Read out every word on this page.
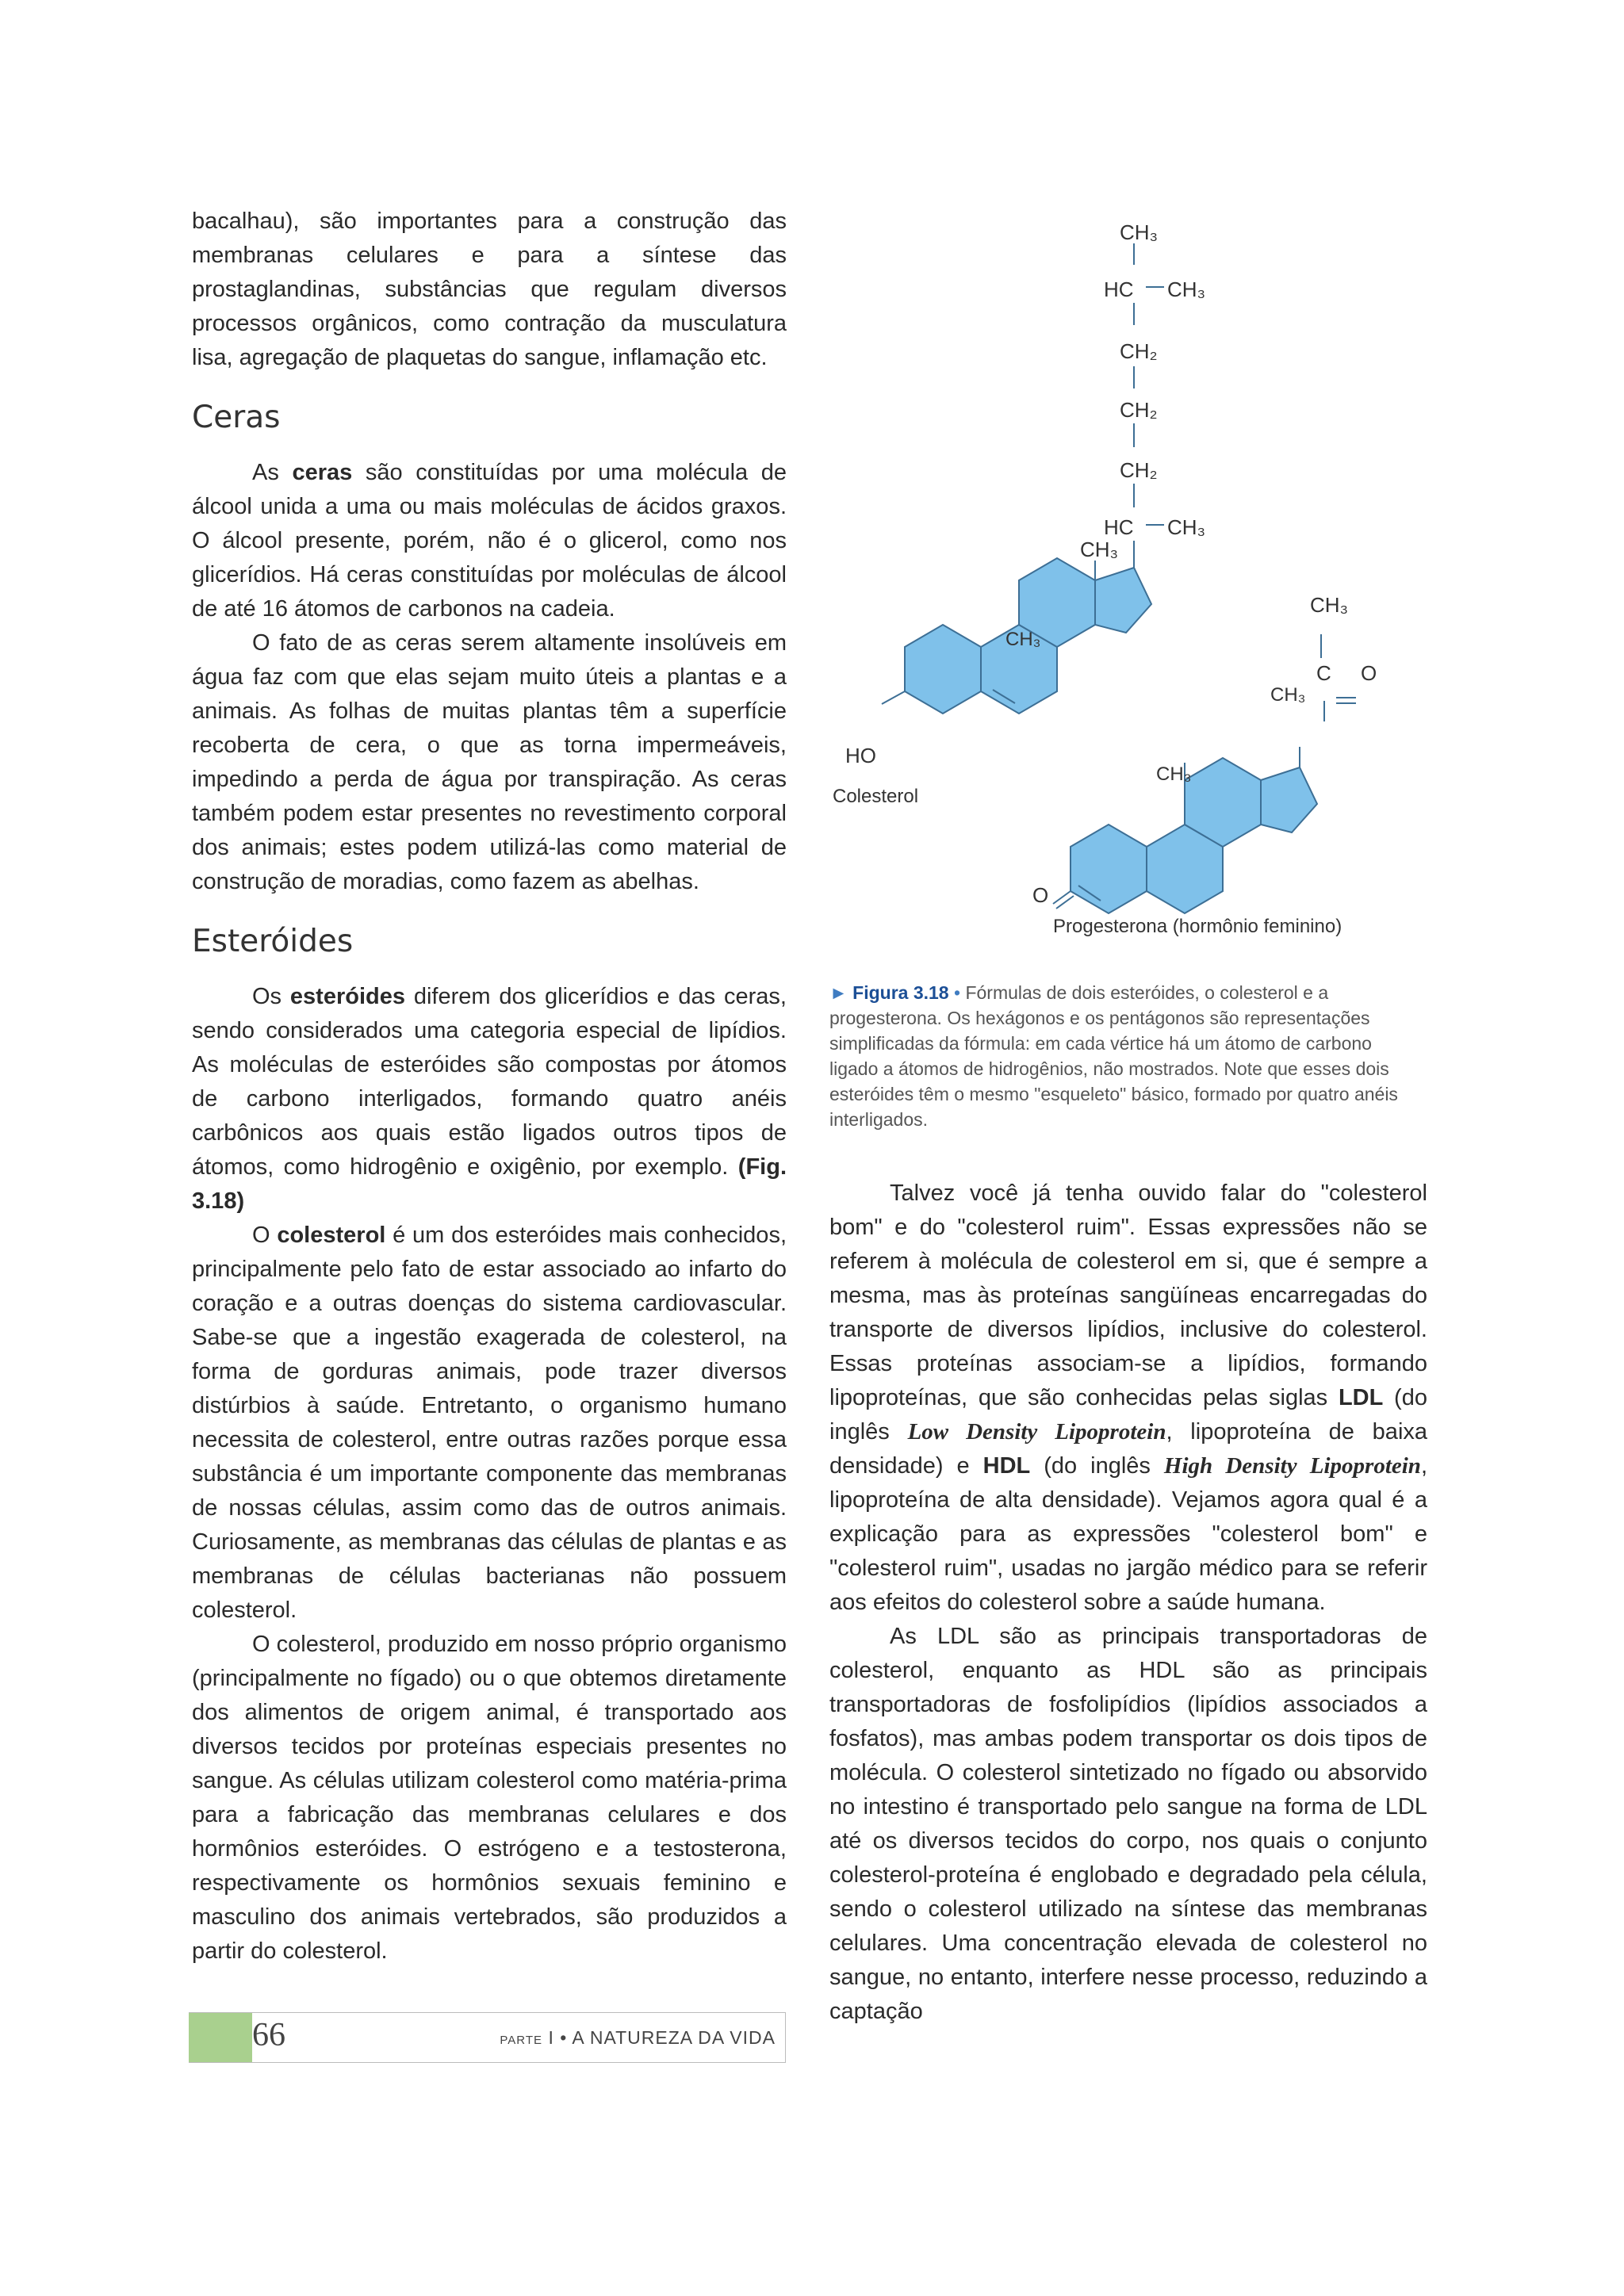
bacalhau), são importantes para a construção das membranas celulares e para a síntese das prostaglandinas, substâncias que regulam diversos processos orgânicos, como contração da musculatura lisa, agregação de plaquetas do sangue, inflamação etc.

Ceras

As ceras são constituídas por uma molécula de álcool unida a uma ou mais moléculas de ácidos graxos. O álcool presente, porém, não é o glicerol, como nos glicerídios. Há ceras constituídas por moléculas de álcool de até 16 átomos de carbonos na cadeia.

O fato de as ceras serem altamente insolúveis em água faz com que elas sejam muito úteis a plantas e a animais. As folhas de muitas plantas têm a superfície recoberta de cera, o que as torna impermeáveis, impedindo a perda de água por transpiração. As ceras também podem estar presentes no revestimento corporal dos animais; estes podem utilizá-las como material de construção de moradias, como fazem as abelhas.

Esteróides

Os esteróides diferem dos glicerídios e das ceras, sendo considerados uma categoria especial de lipídios. As moléculas de esteróides são compostas por átomos de carbono interligados, formando quatro anéis carbônicos aos quais estão ligados outros tipos de átomos, como hidrogênio e oxigênio, por exemplo. (Fig. 3.18)

O colesterol é um dos esteróides mais conhecidos, principalmente pelo fato de estar associado ao infarto do coração e a outras doenças do sistema cardiovascular. Sabe-se que a ingestão exagerada de colesterol, na forma de gorduras animais, pode trazer diversos distúrbios à saúde. Entretanto, o organismo humano necessita de colesterol, entre outras razões porque essa substância é um importante componente das membranas de nossas células, assim como das de outros animais. Curiosamente, as membranas das células de plantas e as membranas de células bacterianas não possuem colesterol.

O colesterol, produzido em nosso próprio organismo (principalmente no fígado) ou o que obtemos diretamente dos alimentos de origem animal, é transportado aos diversos tecidos por proteínas especiais presentes no sangue. As células utilizam colesterol como matéria-prima para a fabricação das membranas celulares e dos hormônios esteróides. O estrógeno e a testosterona, respectivamente os hormônios sexuais feminino e masculino dos animais vertebrados, são produzidos a partir do colesterol.

CH₃
HC CH₃
CH₂
CH₂
CH₂
HC CH₃
CH₃
CH₃
HO
CH₃
C O
CH₃
CH₃
O
Colesterol
Progesterona (hormônio feminino)
► Figura 3.18 • Fórmulas de dois esteróides, o colesterol e a progesterona. Os hexágonos e os pentágonos são representações simplificadas da fórmula: em cada vértice há um átomo de carbono ligado a átomos de hidrogênios, não mostrados. Note que esses dois esteróides têm o mesmo "esqueleto" básico, formado por quatro anéis interligados.

Talvez você já tenha ouvido falar do "colesterol bom" e do "colesterol ruim". Essas expressões não se referem à molécula de colesterol em si, que é sempre a mesma, mas às proteínas sangüíneas encarregadas do transporte de diversos lipídios, inclusive do colesterol. Essas proteínas associam-se a lipídios, formando lipoproteínas, que são conhecidas pelas siglas LDL (do inglês Low Density Lipoprotein, lipoproteína de baixa densidade) e HDL (do inglês High Density Lipoprotein, lipoproteína de alta densidade). Vejamos agora qual é a explicação para as expressões "colesterol bom" e "colesterol ruim", usadas no jargão médico para se referir aos efeitos do colesterol sobre a saúde humana.

As LDL são as principais transportadoras de colesterol, enquanto as HDL são as principais transportadoras de fosfolipídios (lipídios associados a fosfatos), mas ambas podem transportar os dois tipos de molécula. O colesterol sintetizado no fígado ou absorvido no intestino é transportado pelo sangue na forma de LDL até os diversos tecidos do corpo, nos quais o conjunto colesterol-proteína é englobado e degradado pela célula, sendo o colesterol utilizado na síntese das membranas celulares. Uma concentração elevada de colesterol no sangue, no entanto, interfere nesse processo, reduzindo a captação

66	PARTE I • A NATUREZA DA VIDA
